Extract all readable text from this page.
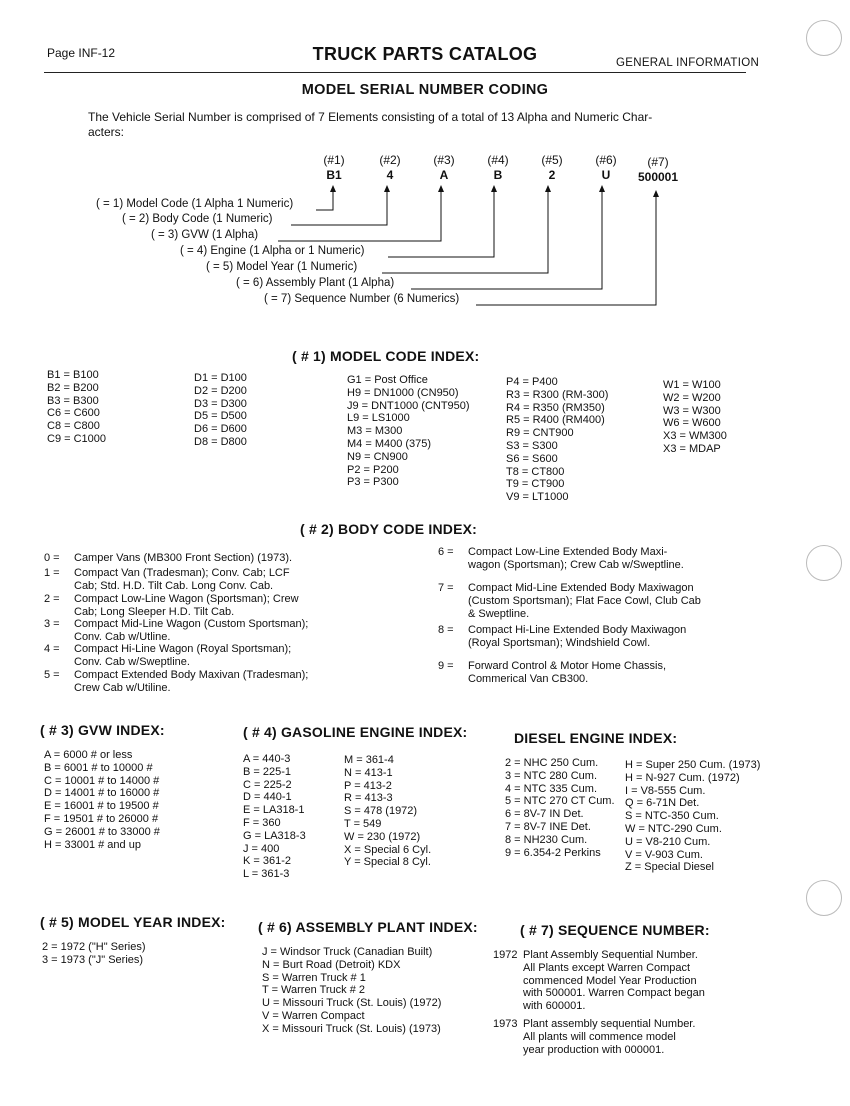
Page INF-12	TRUCK PARTS CATALOG	GENERAL INFORMATION
MODEL SERIAL NUMBER CODING
The Vehicle Serial Number is comprised of 7 Elements consisting of a total of 13 Alpha and Numeric Char-
acters:
(#1)	(#2)	(#3)	(#4)	(#5)	(#6)	(#7)
B1	4	A	B	2	U	500001
( = 1) Model Code (1 Alpha 1 Numeric)
( = 2) Body Code (1 Numeric)
( = 3) GVW (1 Alpha)
( = 4) Engine (1 Alpha or 1 Numeric)
( = 5) Model Year (1 Numeric)
( = 6) Assembly Plant (1 Alpha)
( = 7) Sequence Number (6 Numerics)
( # 1) MODEL CODE INDEX:
B1 = B100
B2 = B200
B3 = B300
C6 = C600
C8 = C800
C9 = C1000
D1 = D100
D2 = D200
D3 = D300
D5 = D500
D6 = D600
D8 = D800
G1 = Post Office
H9 = DN1000 (CN950)
J9 = DNT1000 (CNT950)
L9 = LS1000
M3 = M300
M4 = M400 (375)
N9 = CN900
P2 = P200
P3 = P300
P4 = P400
R3 = R300 (RM-300)
R4 = R350 (RM350)
R5 = R400 (RM400)
R9 = CNT900
S3 = S300
S6 = S600
T8 = CT800
T9 = CT900
V9 = LT1000
W1 = W100
W2 = W200
W3 = W300
W6 = W600
X3 = WM300
X3 = MDAP
( # 2) BODY CODE INDEX:
0 =	Camper Vans (MB300 Front Section) (1973).
1 =	Compact Van (Tradesman); Conv. Cab; LCF
Cab; Std. H.D. Tilt Cab. Long Conv. Cab.
2 =	Compact Low-Line Wagon (Sportsman); Crew
Cab; Long Sleeper H.D. Tilt Cab.
3 =	Compact Mid-Line Wagon (Custom Sportsman);
Conv. Cab w/Utline.
4 =	Compact Hi-Line Wagon (Royal Sportsman);
Conv. Cab w/Sweptline.
5 =	Compact Extended Body Maxivan (Tradesman);
Crew Cab w/Utiline.
6 =	Compact Low-Line Extended Body Maxi-
wagon (Sportsman); Crew Cab w/Sweptline.
7 =	Compact Mid-Line Extended Body Maxiwagon
(Custom Sportsman); Flat Face Cowl, Club Cab
& Sweptline.
8 =	Compact Hi-Line Extended Body Maxiwagon
(Royal Sportsman); Windshield Cowl.
9 =	Forward Control & Motor Home Chassis,
Commerical Van CB300.
( # 3) GVW INDEX:
A = 6000 # or less
B = 6001 # to 10000 #
C = 10001 # to 14000 #
D = 14001 # to 16000 #
E = 16001 # to 19500 #
F = 19501 # to 26000 #
G = 26001 # to 33000 #
H = 33001 # and up
( # 4) GASOLINE ENGINE INDEX:
A = 440-3
B = 225-1
C = 225-2
D = 440-1
E = LA318-1
F = 360
G = LA318-3
J = 400
K = 361-2
L = 361-3
M = 361-4
N = 413-1
P = 413-2
R = 413-3
S = 478 (1972)
T = 549
W = 230 (1972)
X = Special 6 Cyl.
Y = Special 8 Cyl.
DIESEL ENGINE INDEX:
2 = NHC 250 Cum.
3 = NTC 280 Cum.
4 = NTC 335 Cum.
5 = NTC 270 CT Cum.
6 = 8V-7 IN Det.
7 = 8V-7 INE Det.
8 = NH230 Cum.
9 = 6.354-2 Perkins
H = Super 250 Cum. (1973)
H = N-927 Cum. (1972)
I = V8-555 Cum.
Q = 6-71N Det.
S = NTC-350 Cum.
W = NTC-290 Cum.
U = V8-210 Cum.
V = V-903 Cum.
Z = Special Diesel
( # 5) MODEL YEAR INDEX:
2 = 1972 ("H" Series)
3 = 1973 ("J" Series)
( # 6) ASSEMBLY PLANT INDEX:
J = Windsor Truck (Canadian Built)
N = Burt Road (Detroit) KDX
S = Warren Truck # 1
T = Warren Truck # 2
U = Missouri Truck (St. Louis) (1972)
V = Warren Compact
X = Missouri Truck (St. Louis) (1973)
( # 7) SEQUENCE NUMBER:
1972 Plant Assembly Sequential Number.
All Plants except Warren Compact
commenced Model Year Production
with 500001. Warren Compact began
with 600001.
1973 Plant assembly sequential Number.
All plants will commence model
year production with 000001.
